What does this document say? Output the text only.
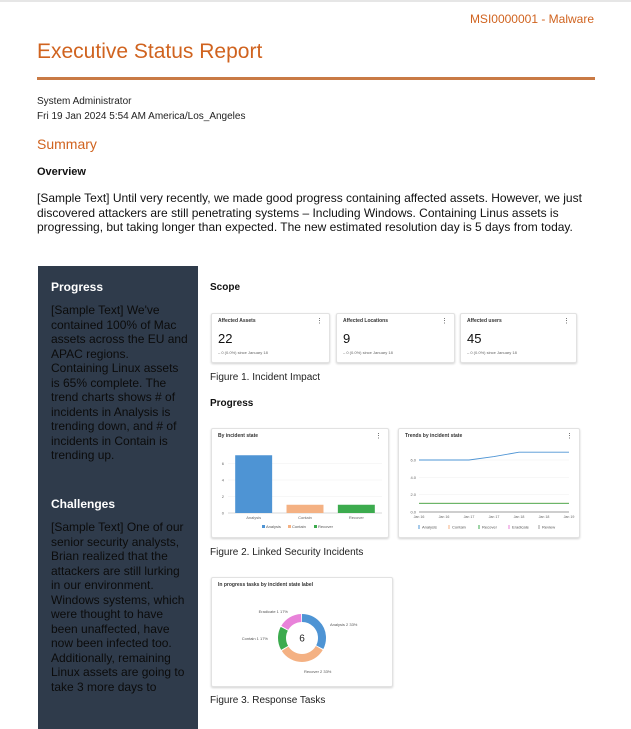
MSI0000001 - Malware
Executive Status Report
System Administrator
Fri 19 Jan 2024 5:54 AM America/Los_Angeles
Summary
Overview
[Sample Text] Until very recently, we made good progress containing affected assets. However, we just discovered attackers are still penetrating systems – Including Windows. Containing Linus assets is progressing, but taking longer than expected. The new estimated resolution day is 5 days from today.
Progress
[Sample Text] We've contained 100% of Mac assets across the EU and APAC regions. Containing Linux assets is 65% complete. The trend charts shows # of incidents in Analysis is trending down, and # of incidents in Contain is trending up.
Challenges
[Sample Text] One of our senior security analysts, Brian realized that the attackers are still lurking in our environment. Windows systems, which were thought to have been unaffected, have now been infected too. Additionally, remaining Linux assets are going to take 3 more days to
Scope
Affected Assets	⋮
22
– 0 (0.0%) since January 18
Affected Locations	⋮
9
– 0 (0.0%) since January 18
Affected users	⋮
45
– 0 (0.0%) since January 18
Figure 1. Incident Impact
Progress
By incident state	⋮
0
2
4
6
Analysis	Contain	Recover
Analysis	Contain	Recover
Trends by incident state	⋮
0.0
2.0
4.0
6.0
Jan 16	Jan 16	Jan 17	Jan 17	Jan 18	Jan 18	Jan 19
Analysis	Contain	Recover	Eradicate	Review
Figure 2. Linked Security Incidents
In progress tasks by incident state label
Analysis 2 33%
Recover 2 33%
Contain 1 17%
Eradicate 1 17%
6
Figure 3. Response Tasks
